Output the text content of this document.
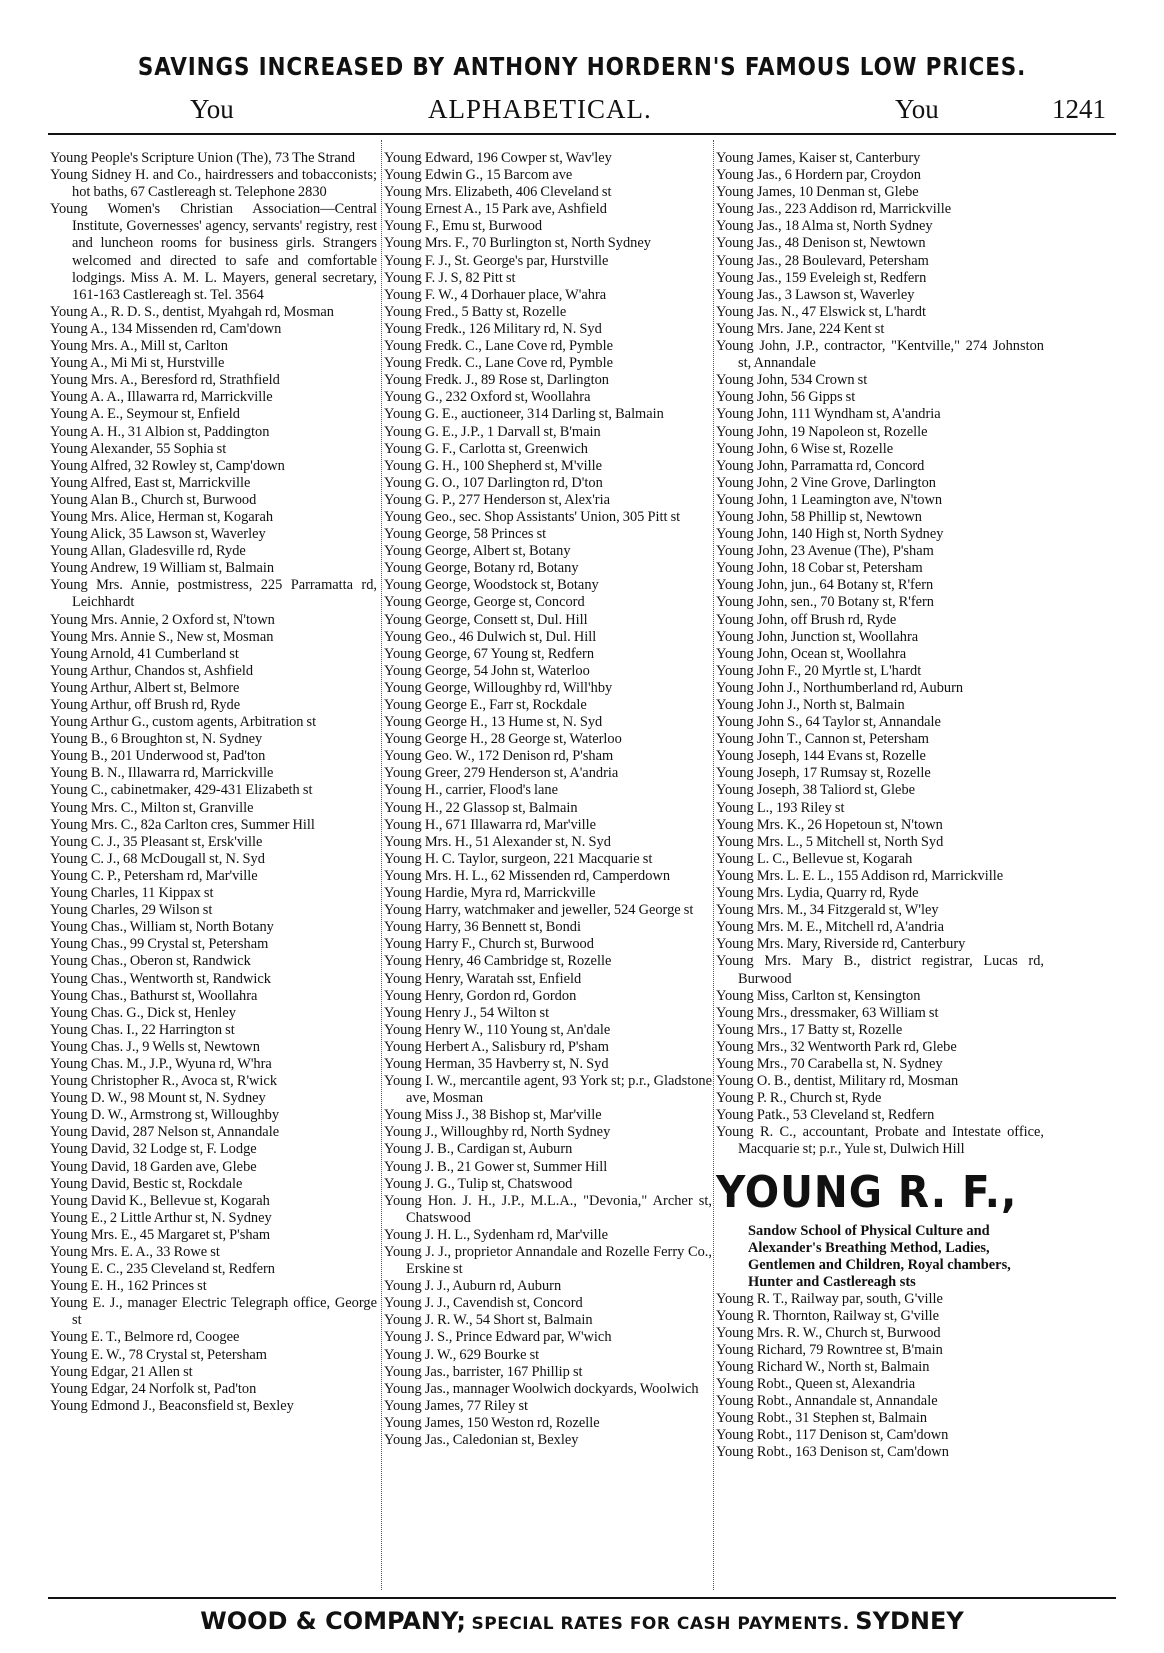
SAVINGS INCREASED BY ANTHONY HORDERN'S FAMOUS LOW PRICES.
You	ALPHABETICAL.	You	1241
Young People's Scripture Union (The), 73 The Strand
Young Sidney H. and Co., hairdressers and tobacconists; hot baths, 67 Castlereagh st. Telephone 2830
Young Women's Christian Association—Central Institute, Governesses' agency, servants' registry, rest and luncheon rooms for business girls. Strangers welcomed and directed to safe and comfortable lodgings. Miss A. M. L. Mayers, general secretary, 161-163 Castlereagh st. Tel. 3564
Young A., R. D. S., dentist, Myahgah rd, Mosman
Young A., 134 Missenden rd, Cam'down
Young Mrs. A., Mill st, Carlton
Young A., Mi Mi st, Hurstville
Young Mrs. A., Beresford rd, Strathfield
Young A. A., Illawarra rd, Marrickville
Young A. E., Seymour st, Enfield
Young A. H., 31 Albion st, Paddington
Young Alexander, 55 Sophia st
Young Alfred, 32 Rowley st, Camp'down
Young Alfred, East st, Marrickville
Young Alan B., Church st, Burwood
Young Mrs. Alice, Herman st, Kogarah
Young Alick, 35 Lawson st, Waverley
Young Allan, Gladesville rd, Ryde
Young Andrew, 19 William st, Balmain
Young Mrs. Annie, postmistress, 225 Parramatta rd, Leichhardt
Young Mrs. Annie, 2 Oxford st, N'town
Young Mrs. Annie S., New st, Mosman
Young Arnold, 41 Cumberland st
Young Arthur, Chandos st, Ashfield
Young Arthur, Albert st, Belmore
Young Arthur, off Brush rd, Ryde
Young Arthur G., custom agents, Arbitration st
Young B., 6 Broughton st, N. Sydney
Young B., 201 Underwood st, Pad'ton
Young B. N., Illawarra rd, Marrickville
Young C., cabinetmaker, 429-431 Elizabeth st
Young Mrs. C., Milton st, Granville
Young Mrs. C., 82a Carlton cres, Summer Hill
Young C. J., 35 Pleasant st, Ersk'ville
Young C. J., 68 McDougall st, N. Syd
Young C. P., Petersham rd, Mar'ville
Young Charles, 11 Kippax st
Young Charles, 29 Wilson st
Young Chas., William st, North Botany
Young Chas., 99 Crystal st, Petersham
Young Chas., Oberon st, Randwick
Young Chas., Wentworth st, Randwick
Young Chas., Bathurst st, Woollahra
Young Chas. G., Dick st, Henley
Young Chas. I., 22 Harrington st
Young Chas. J., 9 Wells st, Newtown
Young Chas. M., J.P., Wyuna rd, W'hra
Young Christopher R., Avoca st, R'wick
Young D. W., 98 Mount st, N. Sydney
Young D. W., Armstrong st, Willoughby
Young David, 287 Nelson st, Annandale
Young David, 32 Lodge st, F. Lodge
Young David, 18 Garden ave, Glebe
Young David, Bestic st, Rockdale
Young David K., Bellevue st, Kogarah
Young E., 2 Little Arthur st, N. Sydney
Young Mrs. E., 45 Margaret st, P'sham
Young Mrs. E. A., 33 Rowe st
Young E. C., 235 Cleveland st, Redfern
Young E. H., 162 Princes st
Young E. J., manager Electric Telegraph office, George st
Young E. T., Belmore rd, Coogee
Young E. W., 78 Crystal st, Petersham
Young Edgar, 21 Allen st
Young Edgar, 24 Norfolk st, Pad'ton
Young Edmond J., Beaconsfield st, Bexley
Young Edward, 196 Cowper st, Wav'ley
Young Edwin G., 15 Barcom ave
Young Mrs. Elizabeth, 406 Cleveland st
Young Ernest A., 15 Park ave, Ashfield
Young F., Emu st, Burwood
Young Mrs. F., 70 Burlington st, North Sydney
Young F. J., St. George's par, Hurstville
Young F. J. S, 82 Pitt st
Young F. W., 4 Dorhauer place, W'ahra
Young Fred., 5 Batty st, Rozelle
Young Fredk., 126 Military rd, N. Syd
Young Fredk. C., Lane Cove rd, Pymble
Young Fredk. C., Lane Cove rd, Pymble
Young Fredk. J., 89 Rose st, Darlington
Young G., 232 Oxford st, Woollahra
Young G. E., auctioneer, 314 Darling st, Balmain
Young G. E., J.P., 1 Darvall st, B'main
Young G. F., Carlotta st, Greenwich
Young G. H., 100 Shepherd st, M'ville
Young G. O., 107 Darlington rd, D'ton
Young G. P., 277 Henderson st, Alex'ria
Young Geo., sec. Shop Assistants' Union, 305 Pitt st
Young George, 58 Princes st
Young George, Albert st, Botany
Young George, Botany rd, Botany
Young George, Woodstock st, Botany
Young George, George st, Concord
Young George, Consett st, Dul. Hill
Young Geo., 46 Dulwich st, Dul. Hill
Young George, 67 Young st, Redfern
Young George, 54 John st, Waterloo
Young George, Willoughby rd, Will'hby
Young George E., Farr st, Rockdale
Young George H., 13 Hume st, N. Syd
Young George H., 28 George st, Waterloo
Young Geo. W., 172 Denison rd, P'sham
Young Greer, 279 Henderson st, A'andria
Young H., carrier, Flood's lane
Young H., 22 Glassop st, Balmain
Young H., 671 Illawarra rd, Mar'ville
Young Mrs. H., 51 Alexander st, N. Syd
Young H. C. Taylor, surgeon, 221 Macquarie st
Young Mrs. H. L., 62 Missenden rd, Camperdown
Young Hardie, Myra rd, Marrickville
Young Harry, watchmaker and jeweller, 524 George st
Young Harry, 36 Bennett st, Bondi
Young Harry F., Church st, Burwood
Young Henry, 46 Cambridge st, Rozelle
Young Henry, Waratah sst, Enfield
Young Henry, Gordon rd, Gordon
Young Henry J., 54 Wilton st
Young Henry W., 110 Young st, An'dale
Young Herbert A., Salisbury rd, P'sham
Young Herman, 35 Havberry st, N. Syd
Young I. W., mercantile agent, 93 York st; p.r., Gladstone ave, Mosman
Young Miss J., 38 Bishop st, Mar'ville
Young J., Willoughby rd, North Sydney
Young J. B., Cardigan st, Auburn
Young J. B., 21 Gower st, Summer Hill
Young J. G., Tulip st, Chatswood
Young Hon. J. H., J.P., M.L.A., "Devonia," Archer st, Chatswood
Young J. H. L., Sydenham rd, Mar'ville
Young J. J., proprietor Annandale and Rozelle Ferry Co., Erskine st
Young J. J., Auburn rd, Auburn
Young J. J., Cavendish st, Concord
Young J. R. W., 54 Short st, Balmain
Young J. S., Prince Edward par, W'wich
Young J. W., 629 Bourke st
Young Jas., barrister, 167 Phillip st
Young Jas., mannager Woolwich dockyards, Woolwich
Young James, 77 Riley st
Young James, 150 Weston rd, Rozelle
Young Jas., Caledonian st, Bexley
Young James, Kaiser st, Canterbury
Young Jas., 6 Hordern par, Croydon
Young James, 10 Denman st, Glebe
Young Jas., 223 Addison rd, Marrickville
Young Jas., 18 Alma st, North Sydney
Young Jas., 48 Denison st, Newtown
Young Jas., 28 Boulevard, Petersham
Young Jas., 159 Eveleigh st, Redfern
Young Jas., 3 Lawson st, Waverley
Young Jas. N., 47 Elswick st, L'hardt
Young Mrs. Jane, 224 Kent st
Young John, J.P., contractor, "Kentville," 274 Johnston st, Annandale
Young John, 534 Crown st
Young John, 56 Gipps st
Young John, 111 Wyndham st, A'andria
Young John, 19 Napoleon st, Rozelle
Young John, 6 Wise st, Rozelle
Young John, Parramatta rd, Concord
Young John, 2 Vine Grove, Darlington
Young John, 1 Leamington ave, N'town
Young John, 58 Phillip st, Newtown
Young John, 140 High st, North Sydney
Young John, 23 Avenue (The), P'sham
Young John, 18 Cobar st, Petersham
Young John, jun., 64 Botany st, R'fern
Young John, sen., 70 Botany st, R'fern
Young John, off Brush rd, Ryde
Young John, Junction st, Woollahra
Young John, Ocean st, Woollahra
Young John F., 20 Myrtle st, L'hardt
Young John J., Northumberland rd, Auburn
Young John J., North st, Balmain
Young John S., 64 Taylor st, Annandale
Young John T., Cannon st, Petersham
Young Joseph, 144 Evans st, Rozelle
Young Joseph, 17 Rumsay st, Rozelle
Young Joseph, 38 Taliord st, Glebe
Young L., 193 Riley st
Young Mrs. K., 26 Hopetoun st, N'town
Young Mrs. L., 5 Mitchell st, North Syd
Young L. C., Bellevue st, Kogarah
Young Mrs. L. E. L., 155 Addison rd, Marrickville
Young Mrs. Lydia, Quarry rd, Ryde
Young Mrs. M., 34 Fitzgerald st, W'ley
Young Mrs. M. E., Mitchell rd, A'andria
Young Mrs. Mary, Riverside rd, Canterbury
Young Mrs. Mary B., district registrar, Lucas rd, Burwood
Young Miss, Carlton st, Kensington
Young Mrs., dressmaker, 63 William st
Young Mrs., 17 Batty st, Rozelle
Young Mrs., 32 Wentworth Park rd, Glebe
Young Mrs., 70 Carabella st, N. Sydney
Young O. B., dentist, Military rd, Mosman
Young P. R., Church st, Ryde
Young Patk., 53 Cleveland st, Redfern
Young R. C., accountant, Probate and Intestate office, Macquarie st; p.r., Yule st, Dulwich Hill
YOUNG R. F.,
Sandow School of Physical Culture and Alexander's Breathing Method, Ladies, Gentlemen and Children, Royal chambers, Hunter and Castlereagh sts
Young R. T., Railway par, south, G'ville
Young R. Thornton, Railway st, G'ville
Young Mrs. R. W., Church st, Burwood
Young Richard, 79 Rowntree st, B'main
Young Richard W., North st, Balmain
Young Robt., Queen st, Alexandria
Young Robt., Annandale st, Annandale
Young Robt., 31 Stephen st, Balmain
Young Robt., 117 Denison st, Cam'down
Young Robt., 163 Denison st, Cam'down
WOOD & COMPANY; SPECIAL RATES FOR CASH PAYMENTS. SYDNEY
